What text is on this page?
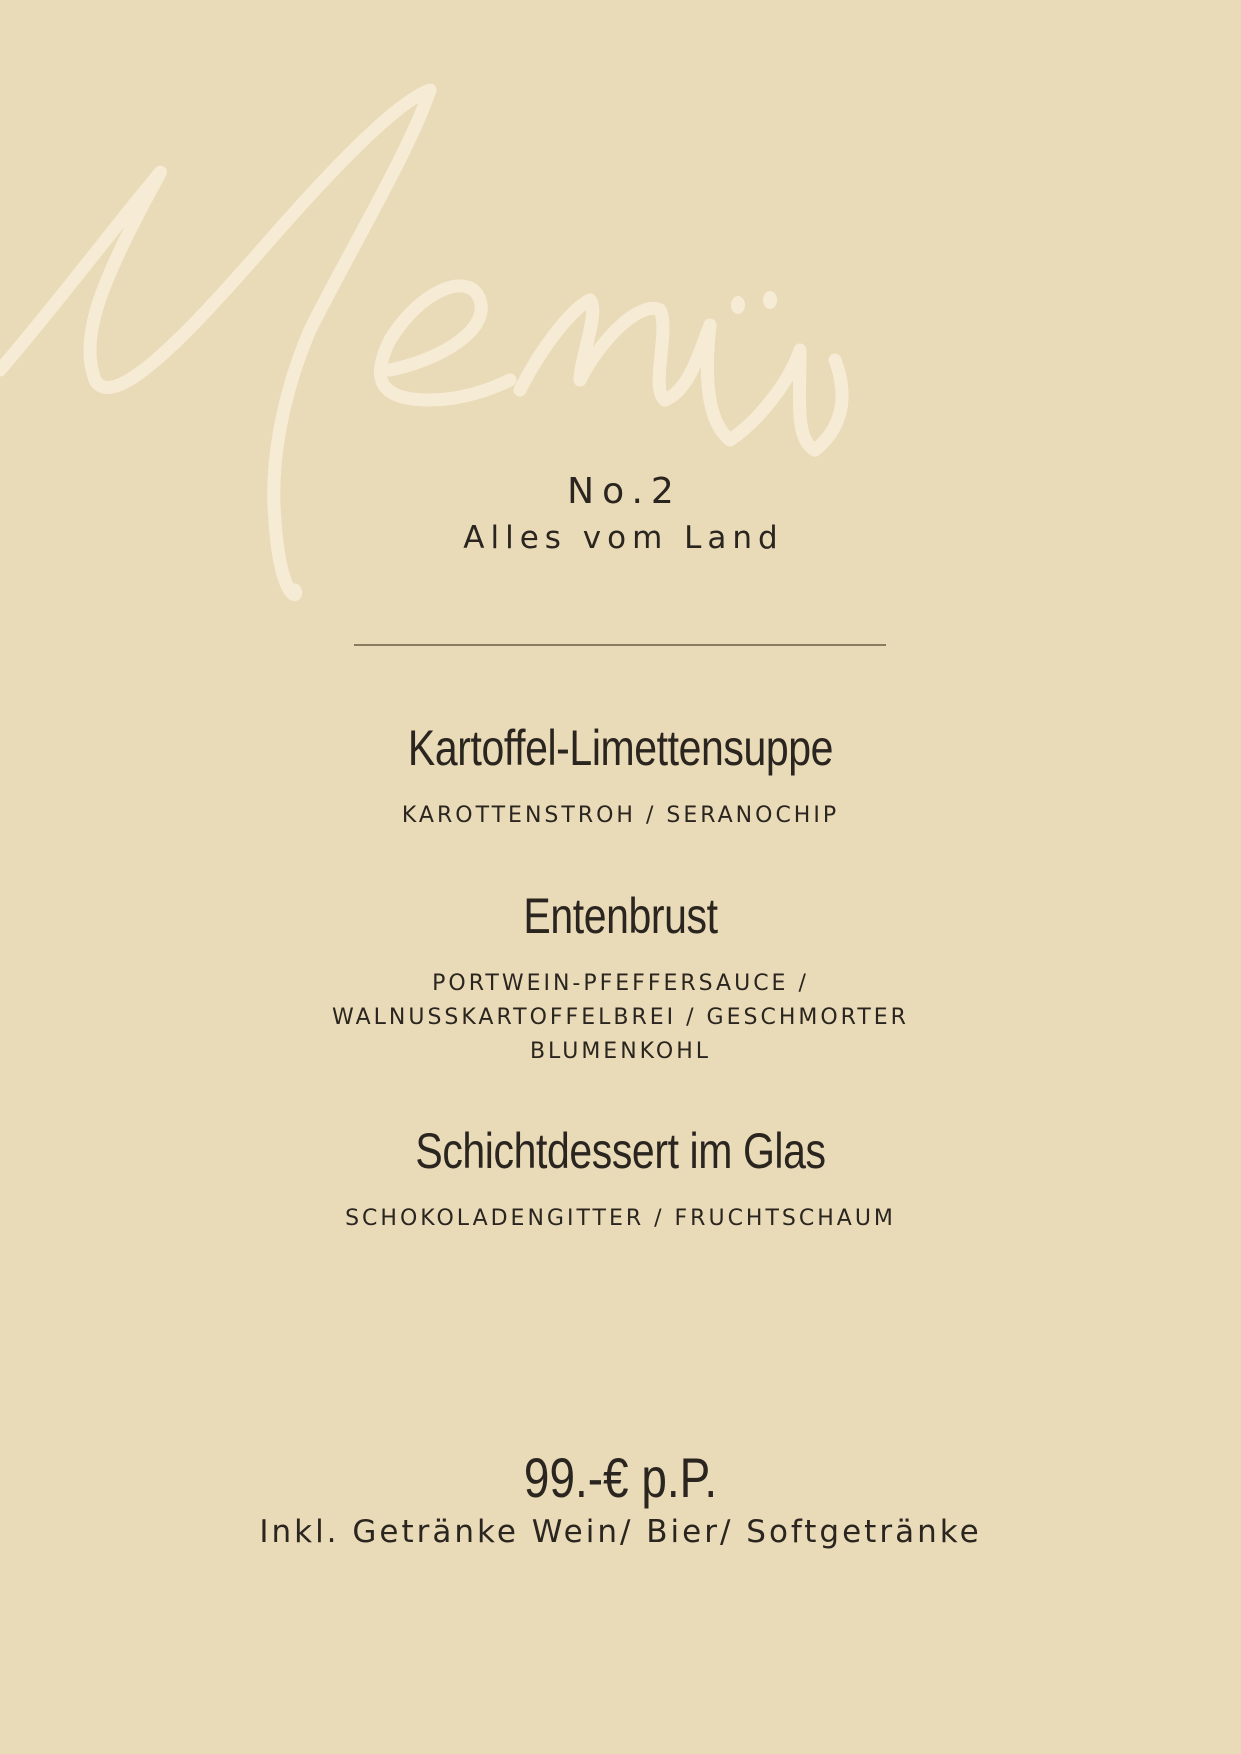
No.2
Alles vom Land
Kartoffel-Limettensuppe
KAROTTENSTROH / SERANOCHIP
Entenbrust
PORTWEIN-PFEFFERSAUCE / WALNUSSKARTOFFELBREI / GESCHMORTER BLUMENKOHL
Schichtdessert im Glas
SCHOKOLADENGITTER / FRUCHTSCHAUM
99.-€ p.P.
Inkl. Getränke Wein/ Bier/ Softgetränke
